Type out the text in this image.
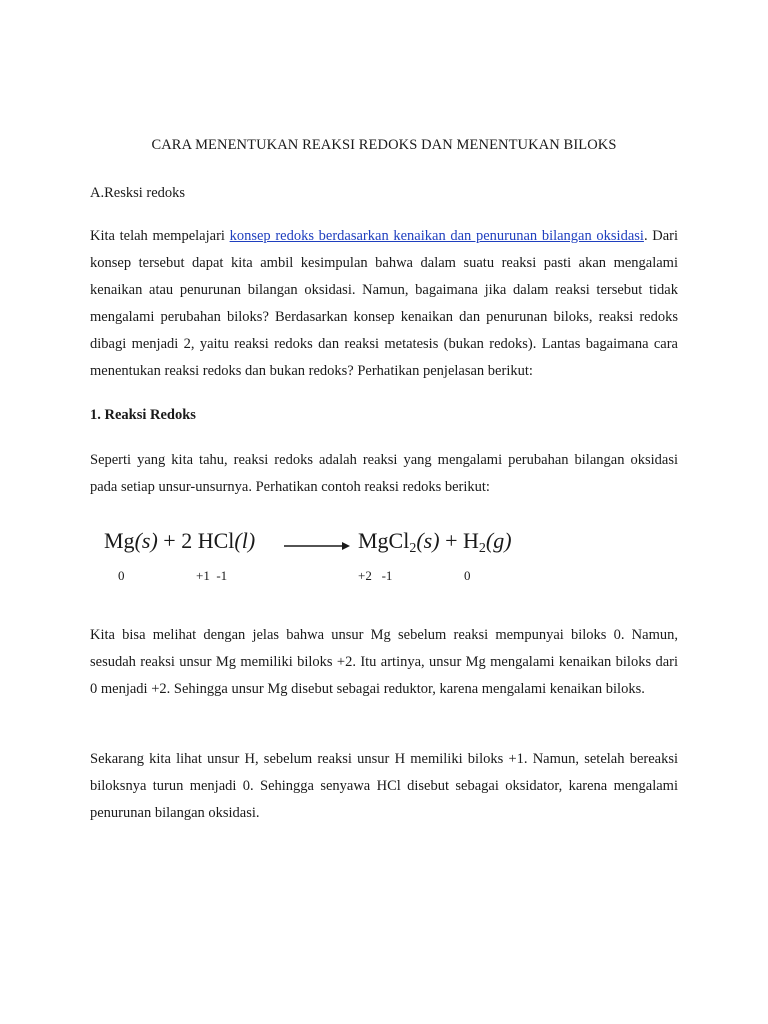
CARA MENENTUKAN REAKSI REDOKS DAN MENENTUKAN BILOKS
A.Resksi redoks

Kita telah mempelajari konsep redoks berdasarkan kenaikan dan penurunan bilangan oksidasi. Dari konsep tersebut dapat kita ambil kesimpulan bahwa dalam suatu reaksi pasti akan mengalami kenaikan atau penurunan bilangan oksidasi. Namun, bagaimana jika dalam reaksi tersebut tidak mengalami perubahan biloks? Berdasarkan konsep kenaikan dan penurunan biloks, reaksi redoks dibagi menjadi 2, yaitu reaksi redoks dan reaksi metatesis (bukan redoks). Lantas bagaimana cara menentukan reaksi redoks dan bukan redoks? Perhatikan penjelasan berikut:

1. Reaksi Redoks

Seperti yang kita tahu, reaksi redoks adalah reaksi yang mengalami perubahan bilangan oksidasi pada setiap unsur-unsurnya. Perhatikan contoh reaksi redoks berikut:

Mg(s) + 2 HCl(l)	MgCl$_2$(s) + $H_2(g)$
0	+1  -1	+2   -1	0

Kita bisa melihat dengan jelas bahwa unsur Mg sebelum reaksi mempunyai biloks 0. Namun, sesudah reaksi unsur Mg memiliki biloks +2. Itu artinya, unsur Mg mengalami kenaikan biloks dari 0 menjadi +2. Sehingga unsur Mg disebut sebagai reduktor, karena mengalami kenaikan biloks.

Sekarang kita lihat unsur H, sebelum reaksi unsur H memiliki biloks +1. Namun, setelah bereaksi biloksnya turun menjadi 0. Sehingga senyawa HCl disebut sebagai oksidator, karena mengalami penurunan bilangan oksidasi.
